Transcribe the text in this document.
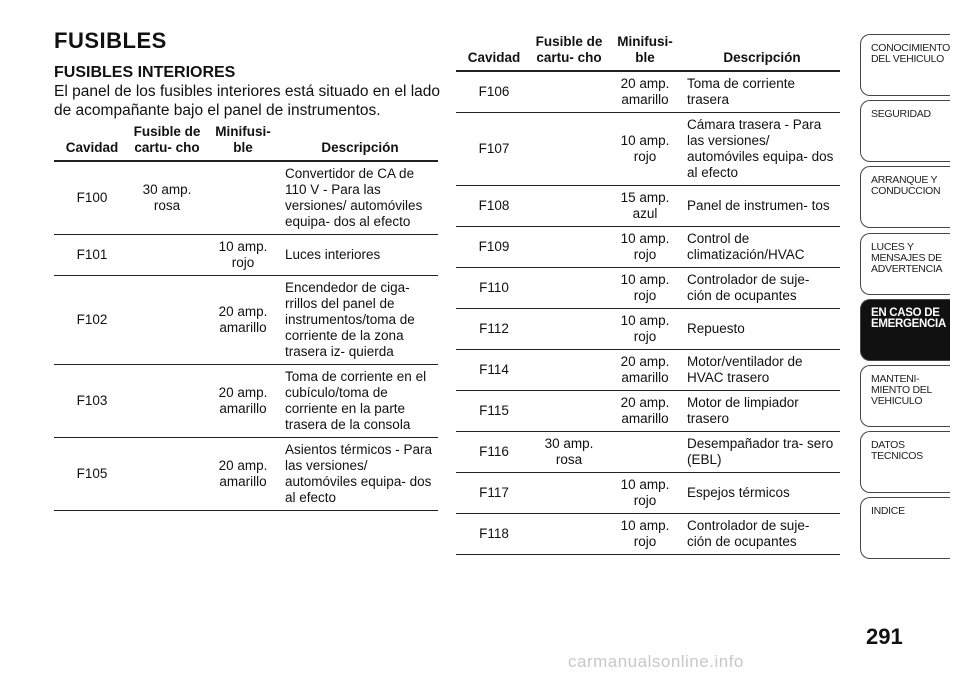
FUSIBLES
FUSIBLES INTERIORES
El panel de los fusibles interiores está situado en el lado de acompañante bajo el panel de instrumentos.
Cavidad	Fusible de cartu- cho	Minifusi- ble	Descripción
F100	30 amp. rosa		Convertidor de CA de 110 V - Para las versiones/ automóviles equipa- dos al efecto
F101		10 amp. rojo	Luces interiores
F102		20 amp. amarillo	Encendedor de ciga- rrillos del panel de instrumentos/toma de corriente de la zona trasera iz- quierda
F103		20 amp. amarillo	Toma de corriente en el cubículo/toma de corriente en la parte trasera de la consola
F105		20 amp. amarillo	Asientos térmicos - Para las versiones/ automóviles equipa- dos al efecto
Cavidad	Fusible de cartu- cho	Minifusi- ble	Descripción
F106		20 amp. amarillo	Toma de corriente trasera
F107		10 amp. rojo	Cámara trasera - Para las versiones/ automóviles equipa- dos al efecto
F108		15 amp. azul	Panel de instrumen- tos
F109		10 amp. rojo	Control de climatización/HVAC
F110		10 amp. rojo	Controlador de suje- ción de ocupantes
F112		10 amp. rojo	Repuesto
F114		20 amp. amarillo	Motor/ventilador de HVAC trasero
F115		20 amp. amarillo	Motor de limpiador trasero
F116	30 amp. rosa		Desempañador tra- sero (EBL)
F117		10 amp. rojo	Espejos térmicos
F118		10 amp. rojo	Controlador de suje- ción de ocupantes
CONOCIMIENTO
DEL VEHICULO
SEGURIDAD
ARRANQUE Y
CONDUCCION
LUCES Y
MENSAJES DE
ADVERTENCIA
EN CASO DE
EMERGENCIA
MANTENI-
MIENTO DEL
VEHICULO
DATOS
TECNICOS
INDICE
291
carmanualsonline.info
